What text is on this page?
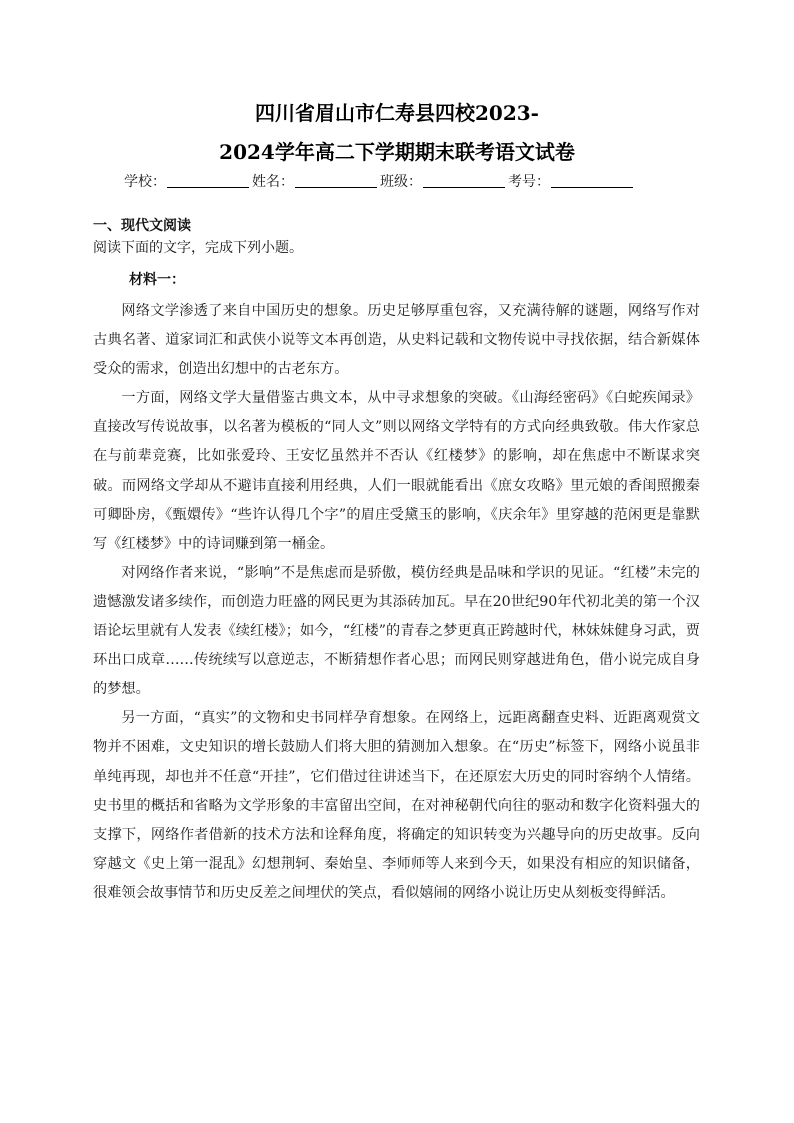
四川省眉山市仁寿县四校2023-
2024学年高二下学期期末联考语文试卷
学校：	姓名：	班级：	考号：
一、现代文阅读
阅读下面的文字，完成下列小题。
材料一：

网络文学渗透了来自中国历史的想象。历史足够厚重包容，又充满待解的谜题，网络写作对古典名著、道家词汇和武侠小说等文本再创造，从史料记载和文物传说中寻找依据，结合新媒体受众的需求，创造出幻想中的古老东方。

一方面，网络文学大量借鉴古典文本，从中寻求想象的突破。《山海经密码》《白蛇疾闻录》直接改写传说故事，以名著为模板的“同人文”则以网络文学特有的方式向经典致敬。伟大作家总在与前辈竞赛，比如张爱玲、王安忆虽然并不否认《红楼梦》的影响，却在焦虑中不断谋求突破。而网络文学却从不避讳直接利用经典，人们一眼就能看出《庶女攻略》里元娘的香闺照搬秦可卿卧房，《甄嬛传》“些许认得几个字”的眉庄受黛玉的影响，《庆余年》里穿越的范闲更是靠默写《红楼梦》中的诗词赚到第一桶金。

对网络作者来说，“影响”不是焦虑而是骄傲，模仿经典是品味和学识的见证。“红楼”未完的遗憾激发诸多续作，而创造力旺盛的网民更为其添砖加瓦。早在20世纪90年代初北美的第一个汉语论坛里就有人发表《续红楼》；如今，“红楼”的青春之梦更真正跨越时代，林妹妹健身习武，贾环出口成章……传统续写以意逆志，不断猜想作者心思；而网民则穿越进角色，借小说完成自身的梦想。

另一方面，“真实”的文物和史书同样孕育想象。在网络上，远距离翻查史料、近距离观赏文物并不困难，文史知识的增长鼓励人们将大胆的猜测加入想象。在“历史”标签下，网络小说虽非单纯再现，却也并不任意“开挂”，它们借过往讲述当下，在还原宏大历史的同时容纳个人情绪。史书里的概括和省略为文学形象的丰富留出空间，在对神秘朝代向往的驱动和数字化资料强大的支撑下，网络作者借新的技术方法和诠释角度，将确定的知识转变为兴趣导向的历史故事。反向穿越文《史上第一混乱》幻想荆轲、秦始皇、李师师等人来到今天，如果没有相应的知识储备，很难领会故事情节和历史反差之间埋伏的笑点，看似嬉闹的网络小说让历史从刻板变得鲜活。
